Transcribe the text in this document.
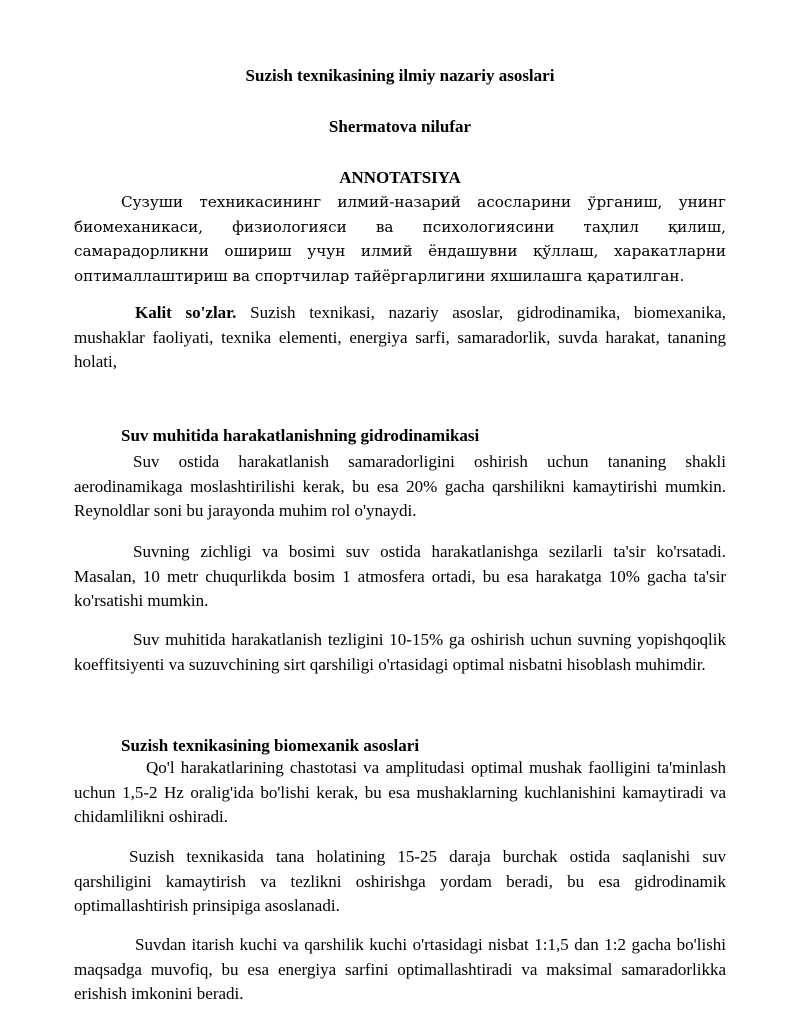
Suzish texnikasining ilmiy nazariy asoslari

Shermatova nilufar

ANNOTATSIYA

Сузуши техникасининг илмий-назарий асосларини ўрганиш, унинг биомеханикаси, физиологияси ва психологиясини таҳлил қилиш, самарадорликни ошириш учун илмий ёндашувни қўллаш, харакатларни оптималлаштириш ва спортчилар тайёргарлигини яхшилашга қаратилган.

Kalit so'zlar. Suzish texnikasi, nazariy asoslar, gidrodinamika, biomexanika, mushaklar faoliyati, texnika elementi, energiya sarfi, samaradorlik, suvda harakat, tananing holati,

Suv muhitida harakatlanishning gidrodinamikasi

Suv ostida harakatlanish samaradorligini oshirish uchun tananing shakli aerodinamikaga moslashtirilishi kerak, bu esa 20% gacha qarshilikni kamaytirishi mumkin. Reynoldlar soni bu jarayonda muhim rol o'ynaydi.

Suvning zichligi va bosimi suv ostida harakatlanishga sezilarli ta'sir ko'rsatadi. Masalan, 10 metr chuqurlikda bosim 1 atmosfera ortadi, bu esa harakatga 10% gacha ta'sir ko'rsatishi mumkin.

Suv muhitida harakatlanish tezligini 10-15% ga oshirish uchun suvning yopishqoqlik koeffitsiyenti va suzuvchining sirt qarshiligi o'rtasidagi optimal nisbatni hisoblash muhimdir.

Suzish texnikasining biomexanik asoslari

Qo'l harakatlarining chastotasi va amplitudasi optimal mushak faolligini ta'minlash uchun 1,5-2 Hz oralig'ida bo'lishi kerak, bu esa mushaklarning kuchlanishini kamaytiradi va chidamlilikni oshiradi.

Suzish texnikasida tana holatining 15-25 daraja burchak ostida saqlanishi suv qarshiligini kamaytirish va tezlikni oshirishga yordam beradi, bu esa gidrodinamik optimallashtirish prinsipiga asoslanadi.

Suvdan itarish kuchi va qarshilik kuchi o'rtasidagi nisbat 1:1,5 dan 1:2 gacha bo'lishi maqsadga muvofiq, bu esa energiya sarfini optimallashtiradi va maksimal samaradorlikka erishish imkonini beradi.
